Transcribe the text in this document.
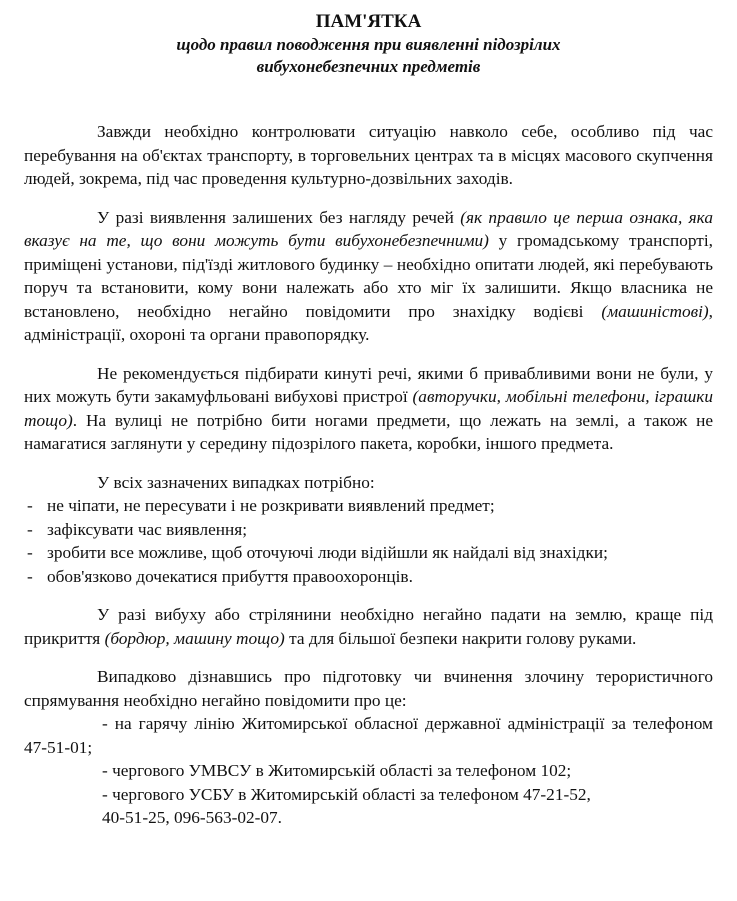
ПАМ'ЯТКА
щодо правил поводження при виявленні підозрілих
вибухонебезпечних предметів

Завжди необхідно контролювати ситуацію навколо себе, особливо під час перебування на об'єктах транспорту, в торговельних центрах та в місцях масового скупчення людей, зокрема, під час проведення культурно-дозвільних заходів.

У разі виявлення залишених без нагляду речей (як правило це перша ознака, яка вказує на те, що вони можуть бути вибухонебезпечними) у громадському транспорті, приміщені установи, під'їзді житлового будинку – необхідно опитати людей, які перебувають поруч та встановити, кому вони належать або хто міг їх залишити. Якщо власника не встановлено, необхідно негайно повідомити про знахідку водієві (машиністові), адміністрації, охороні та органи правопорядку.

Не рекомендується підбирати кинуті речі, якими б привабливими вони не були, у них можуть бути закамуфльовані вибухові пристрої (авторучки, мобільні телефони, іграшки тощо). На вулиці не потрібно бити ногами предмети, що лежать на землі, а також не намагатися заглянути у середину підозрілого пакета, коробки, іншого предмета.

У всіх зазначених випадках потрібно:

- не чіпати, не пересувати і не розкривати виявлений предмет;
- зафіксувати час виявлення;
- зробити все можливе, щоб оточуючі люди відійшли як найдалі від знахідки;
- обов'язково дочекатися прибуття правоохоронців.

У разі вибуху або стрілянини необхідно негайно падати на землю, краще під прикриття (бордюр, машину тощо) та для більшої безпеки накрити голову руками.

Випадково дізнавшись про підготовку чи вчинення злочину терористичного спрямування необхідно негайно повідомити про це:

- на гарячу лінію Житомирської обласної державної адміністрації за телефоном 47-51-01;
- чергового УМВСУ в Житомирській області за телефоном 102;
- чергового УСБУ в Житомирській області за телефоном 47-21-52,
40-51-25, 096-563-02-07.
